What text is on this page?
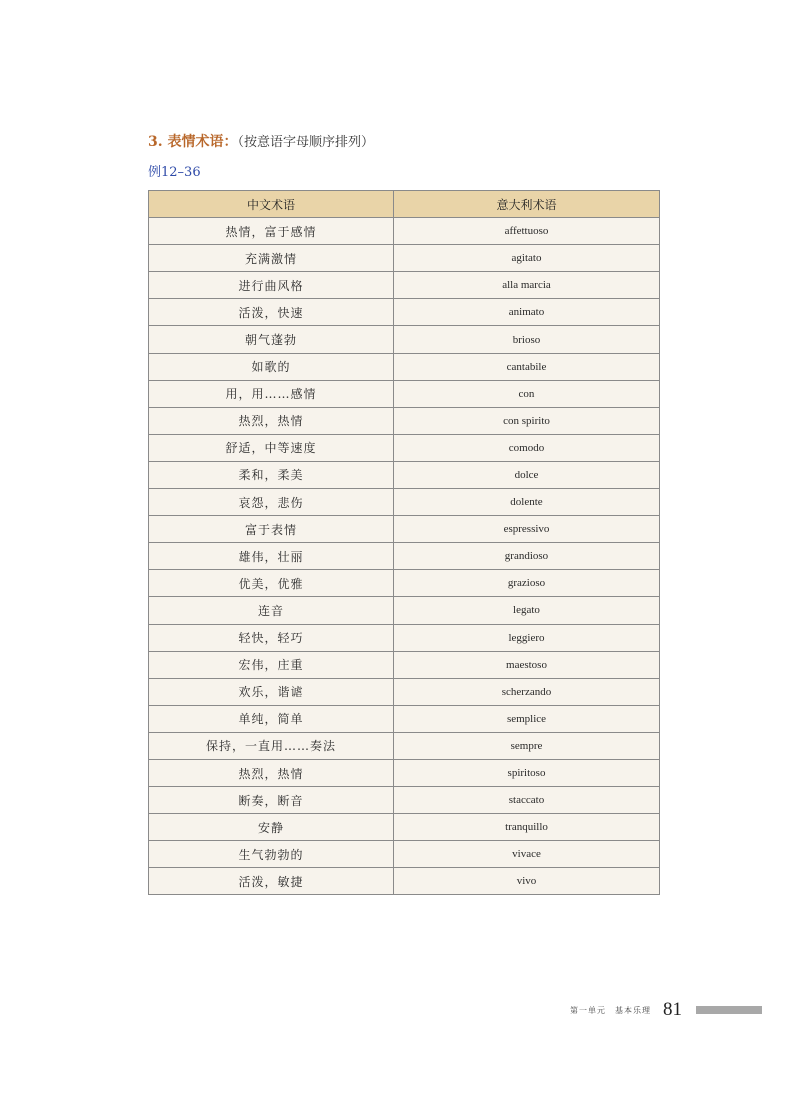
3. 表情术语：（按意语字母顺序排列）
例12–36
中文术语	意大利术语
热情，富于感情	affettuoso
充满激情	agitato
进行曲风格	alla marcia
活泼，快速	animato
朝气蓬勃	brioso
如歌的	cantabile
用，用……感情	con
热烈，热情	con spirito
舒适，中等速度	comodo
柔和，柔美	dolce
哀怨，悲伤	dolente
富于表情	espressivo
雄伟，壮丽	grandioso
优美，优雅	grazioso
连音	legato
轻快，轻巧	leggiero
宏伟，庄重	maestoso
欢乐，谐谑	scherzando
单纯，简单	semplice
保持，一直用……奏法	sempre
热烈，热情	spiritoso
断奏，断音	staccato
安静	tranquillo
生气勃勃的	vivace
活泼，敏捷	vivo
第一单元　基本乐理 81
